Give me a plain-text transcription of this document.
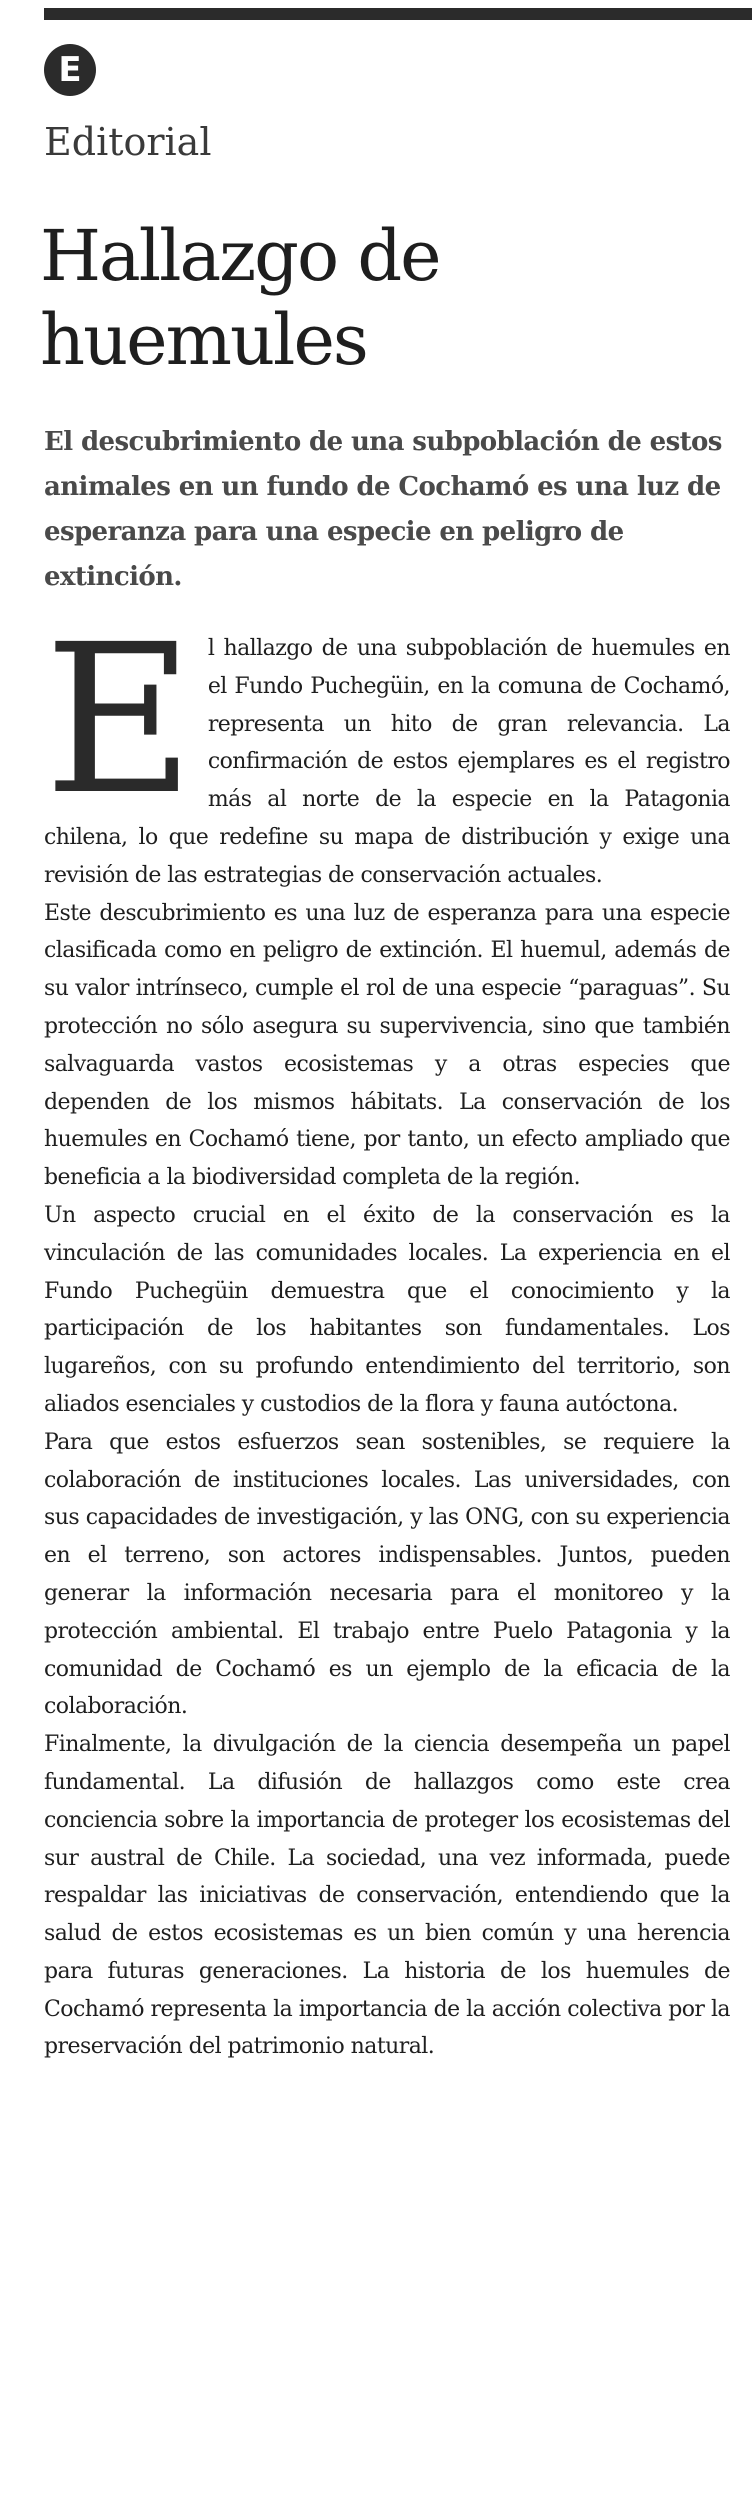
E
Editorial
Hallazgo de
huemules

El descubrimiento de una subpoblación de estos animales en un fundo de Cochamó es una luz de esperanza para una especie en peligro de extinción.

El hallazgo de una subpoblación de huemules en el Fundo Puchegüin, en la comuna de Cochamó, representa un hito de gran relevancia. La confirmación de estos ejemplares es el registro más al norte de la especie en la Patagonia chilena, lo que redefine su mapa de distribución y exige una revisión de las estrategias de conservación actuales.

Este descubrimiento es una luz de esperanza para una especie clasificada como en peligro de extinción. El huemul, además de su valor intrínseco, cumple el rol de una especie “paraguas”. Su protección no sólo asegura su supervivencia, sino que también salvaguarda vastos ecosistemas y a otras especies que dependen de los mismos hábitats. La conservación de los huemules en Cochamó tiene, por tanto, un efecto ampliado que beneficia a la biodiversidad completa de la región.

Un aspecto crucial en el éxito de la conservación es la vinculación de las comunidades locales. La experiencia en el Fundo Puchegüin demuestra que el conocimiento y la participación de los habitantes son fundamentales. Los lugareños, con su profundo entendimiento del territorio, son aliados esenciales y custodios de la flora y fauna autóctona.

Para que estos esfuerzos sean sostenibles, se requiere la colaboración de instituciones locales. Las universidades, con sus capacidades de investigación, y las ONG, con su experiencia en el terreno, son actores indispensables. Juntos, pueden generar la información necesaria para el monitoreo y la protección ambiental. El trabajo entre Puelo Patagonia y la comunidad de Cochamó es un ejemplo de la eficacia de la colaboración.

Finalmente, la divulgación de la ciencia desempeña un papel fundamental. La difusión de hallazgos como este crea conciencia sobre la importancia de proteger los ecosistemas del sur austral de Chile. La sociedad, una vez informada, puede respaldar las iniciativas de conservación, entendiendo que la salud de estos ecosistemas es un bien común y una herencia para futuras generaciones. La historia de los huemules de Cochamó representa la importancia de la acción colectiva por la preservación del patrimonio natural.
